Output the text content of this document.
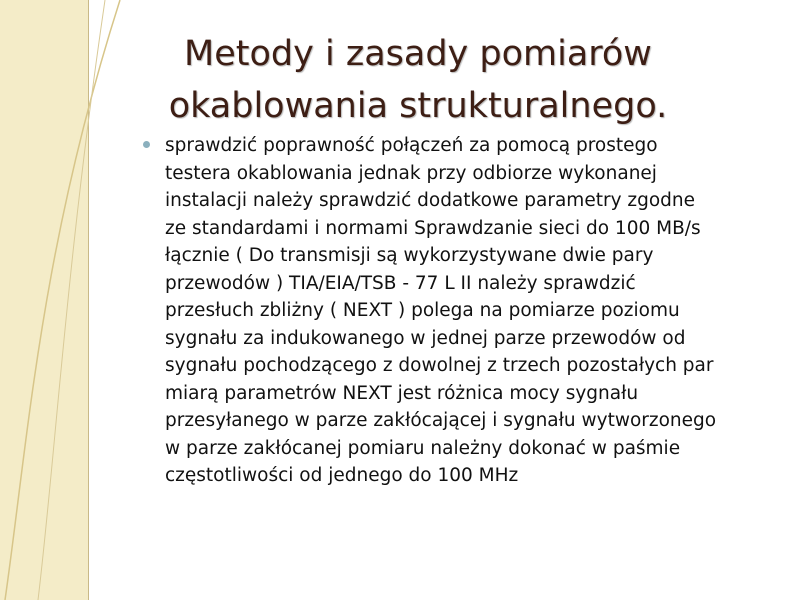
Metody i zasady pomiarów
okablowania strukturalnego.

sprawdzić poprawność połączeń za pomocą prostego
testera okablowania jednak przy odbiorze wykonanej
instalacji należy sprawdzić dodatkowe parametry zgodne
ze standardami i normami Sprawdzanie sieci do 100 MB/s
łącznie ( Do transmisji są wykorzystywane dwie pary
przewodów ) TIA/EIA/TSB - 77 L II należy sprawdzić
przesłuch zbliżny ( NEXT ) polega na pomiarze poziomu
sygnału za indukowanego w jednej parze przewodów od
sygnału pochodzącego z dowolnej z trzech pozostałych par
miarą parametrów NEXT jest różnica mocy sygnału
przesyłanego w parze zakłócającej i sygnału wytworzonego
w parze zakłócanej pomiaru należny dokonać w paśmie
częstotliwości od jednego do 100 MHz
